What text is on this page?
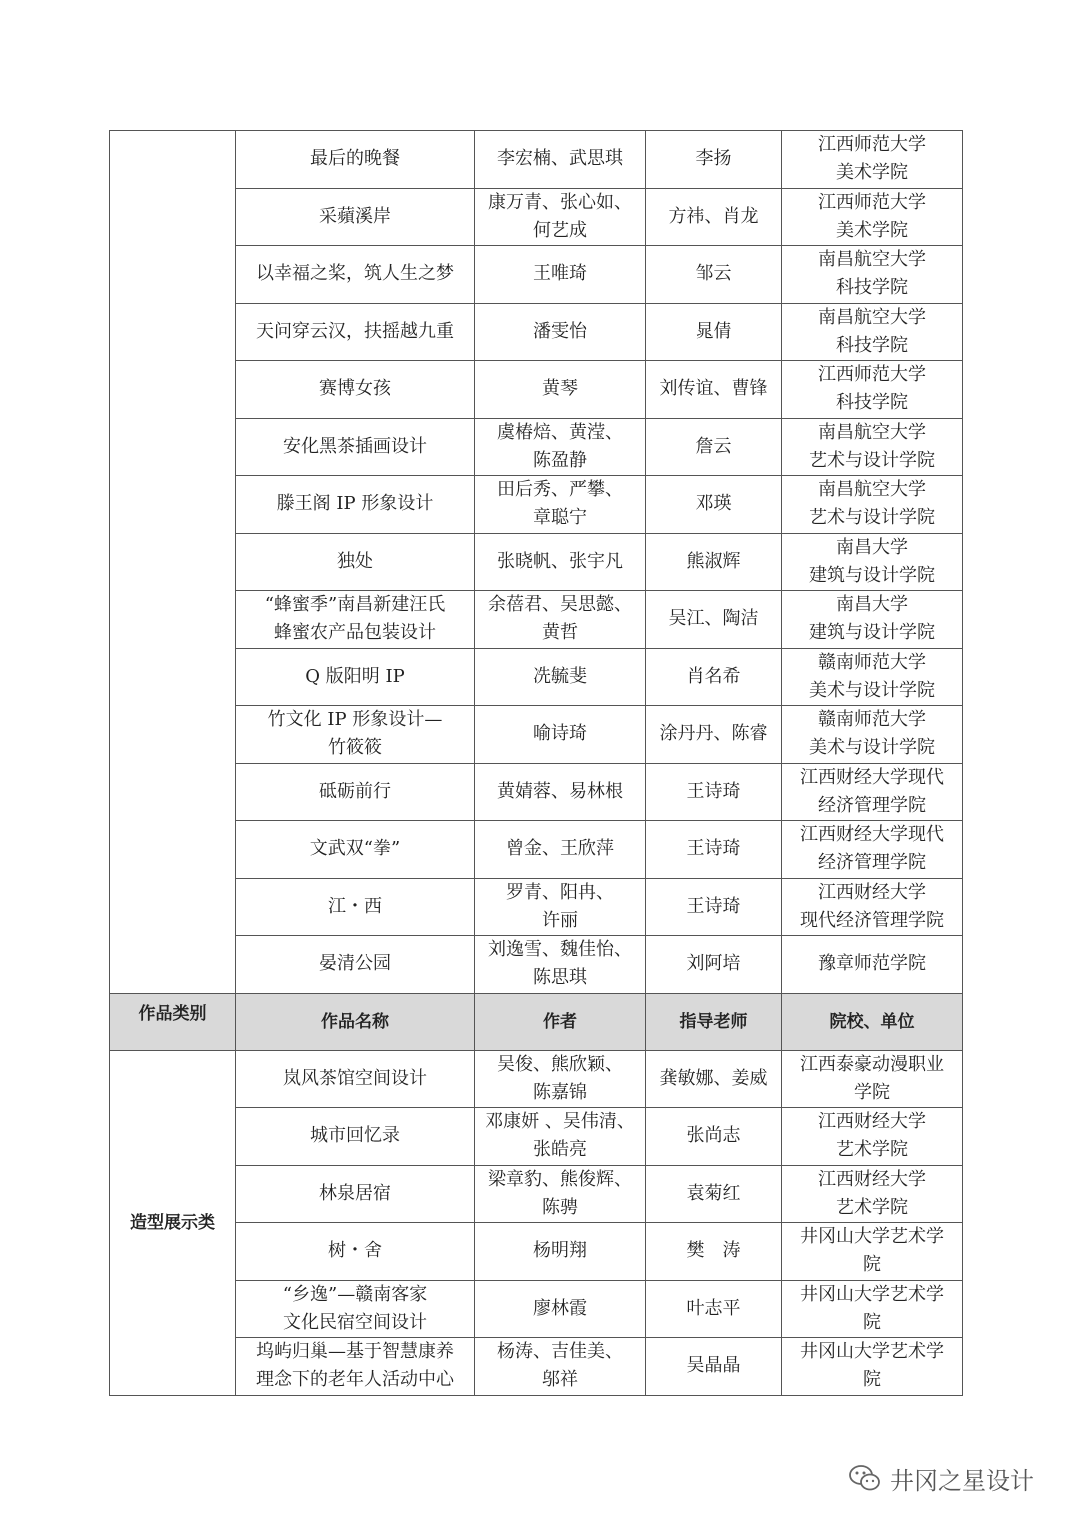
	最后的晚餐	李宏楠、武思琪	李扬	江西师范大学
美术学院

	采蘋溪岸	康万青、张心如、
何艺成	方祎、肖龙	江西师范大学
美术学院

	以幸福之桨，筑人生之梦	王唯琦	邹云	南昌航空大学
科技学院

	天问穿云汉，扶摇越九重	潘雯怡	晁倩	南昌航空大学
科技学院

	赛博女孩	黄琴	刘传谊、曹锋	江西师范大学
科技学院

	安化黑茶插画设计	虞椿焙、黄滢、
陈盈静	詹云	南昌航空大学
艺术与设计学院

	滕王阁 IP 形象设计	田后秀、严攀、
章聪宁	邓瑛	南昌航空大学
艺术与设计学院

	独处	张晓帆、张宇凡	熊淑辉	南昌大学
建筑与设计学院

	“蜂蜜季”南昌新建汪氏
蜂蜜农产品包装设计	余蓓君、吴思懿、
黄哲	吴江、陶洁	南昌大学
建筑与设计学院

	Q 版阳明 IP	冼毓斐	肖名希	赣南师范大学
美术与设计学院

	竹文化 IP 形象设计—
竹筱筱	喻诗琦	涂丹丹、陈睿	赣南师范大学
美术与设计学院

	砥砺前行	黄婧蓉、易林根	王诗琦	江西财经大学现代
经济管理学院

	文武双“拳”	曾金、王欣萍	王诗琦	江西财经大学现代
经济管理学院

	江・西	罗青、阳冉、
许丽	王诗琦	江西财经大学
现代经济管理学院

	晏清公园	刘逸雪、魏佳怡、
陈思琪	刘阿培	豫章师范学院

作品类别	作品名称	作者	指导老师	院校、单位
造型展示类	岚风茶馆空间设计	吴俊、熊欣颖、
陈嘉锦	龚敏娜、姜威	江西泰豪动漫职业
学院

	城市回忆录	邓康妍 、吴伟清、
张皓亮	张尚志	江西财经大学
艺术学院

	林泉居宿	梁章豹、熊俊辉、
陈骋	袁菊红	江西财经大学
艺术学院

	树・舍	杨明翔	樊　涛	井冈山大学艺术学
院

	“乡逸”—赣南客家
文化民宿空间设计	廖林霞	叶志平	井冈山大学艺术学
院

	坞屿归巢—基于智慧康养
理念下的老年人活动中心	杨涛、吉佳美、
邬祥	吴晶晶	井冈山大学艺术学
院
井冈之星设计
